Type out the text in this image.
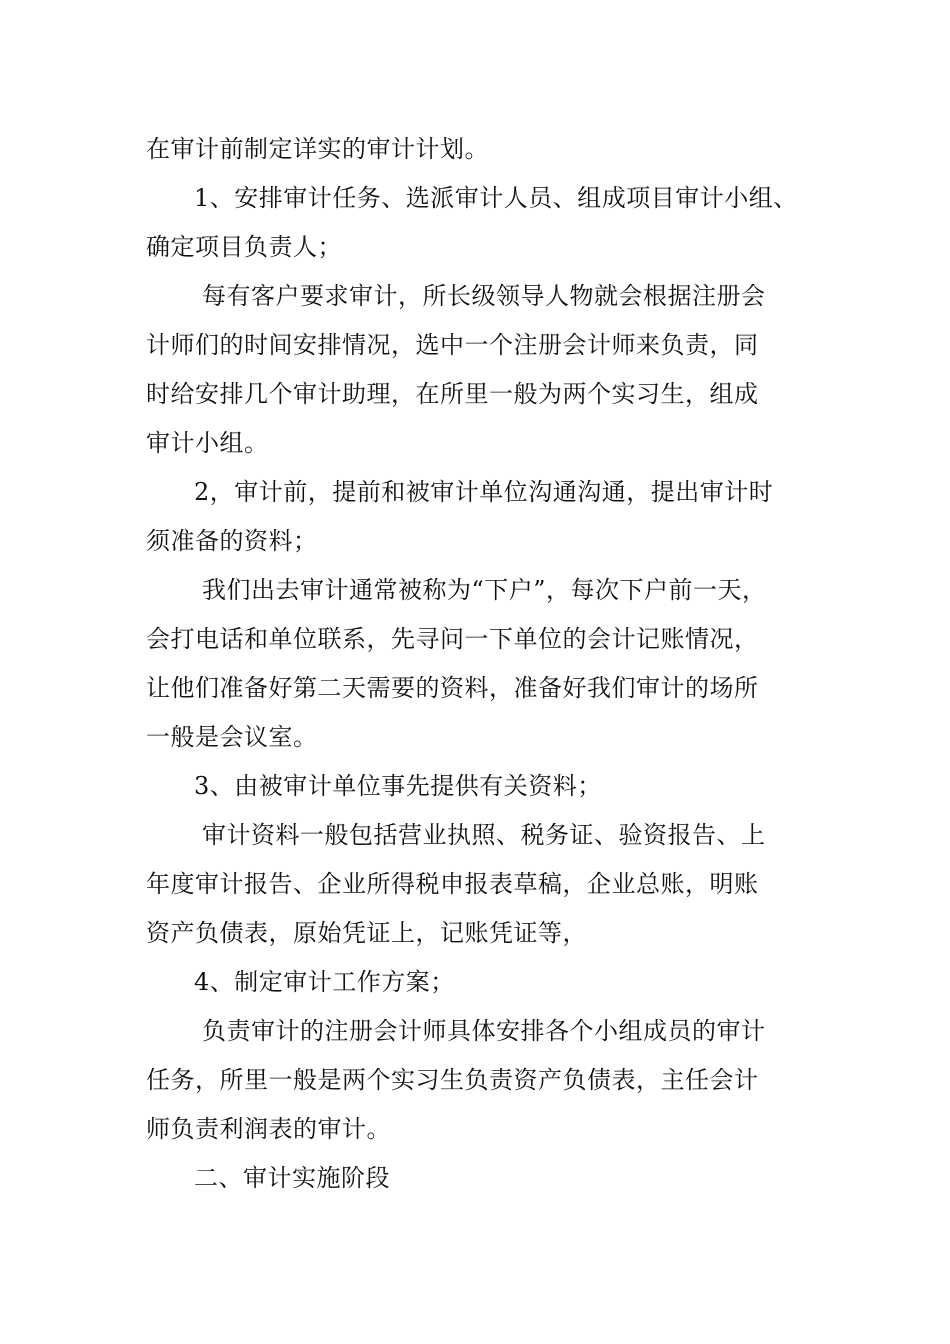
在审计前制定详实的审计计划。
1、安排审计任务、选派审计人员、组成项目审计小组、
确定项目负责人；
每有客户要求审计，所长级领导人物就会根据注册会
计师们的时间安排情况，选中一个注册会计师来负责，同
时给安排几个审计助理，在所里一般为两个实习生，组成
审计小组。
2，审计前，提前和被审计单位沟通沟通，提出审计时
须准备的资料；
我们出去审计通常被称为“下户”，每次下户前一天，
会打电话和单位联系，先寻问一下单位的会计记账情况，
让他们准备好第二天需要的资料，准备好我们审计的场所
一般是会议室。
3、由被审计单位事先提供有关资料；
审计资料一般包括营业执照、税务证、验资报告、上
年度审计报告、企业所得税申报表草稿，企业总账，明账
资产负债表，原始凭证上，记账凭证等，
4、制定审计工作方案；
负责审计的注册会计师具体安排各个小组成员的审计
任务，所里一般是两个实习生负责资产负债表，主任会计
师负责利润表的审计。
二、审计实施阶段
